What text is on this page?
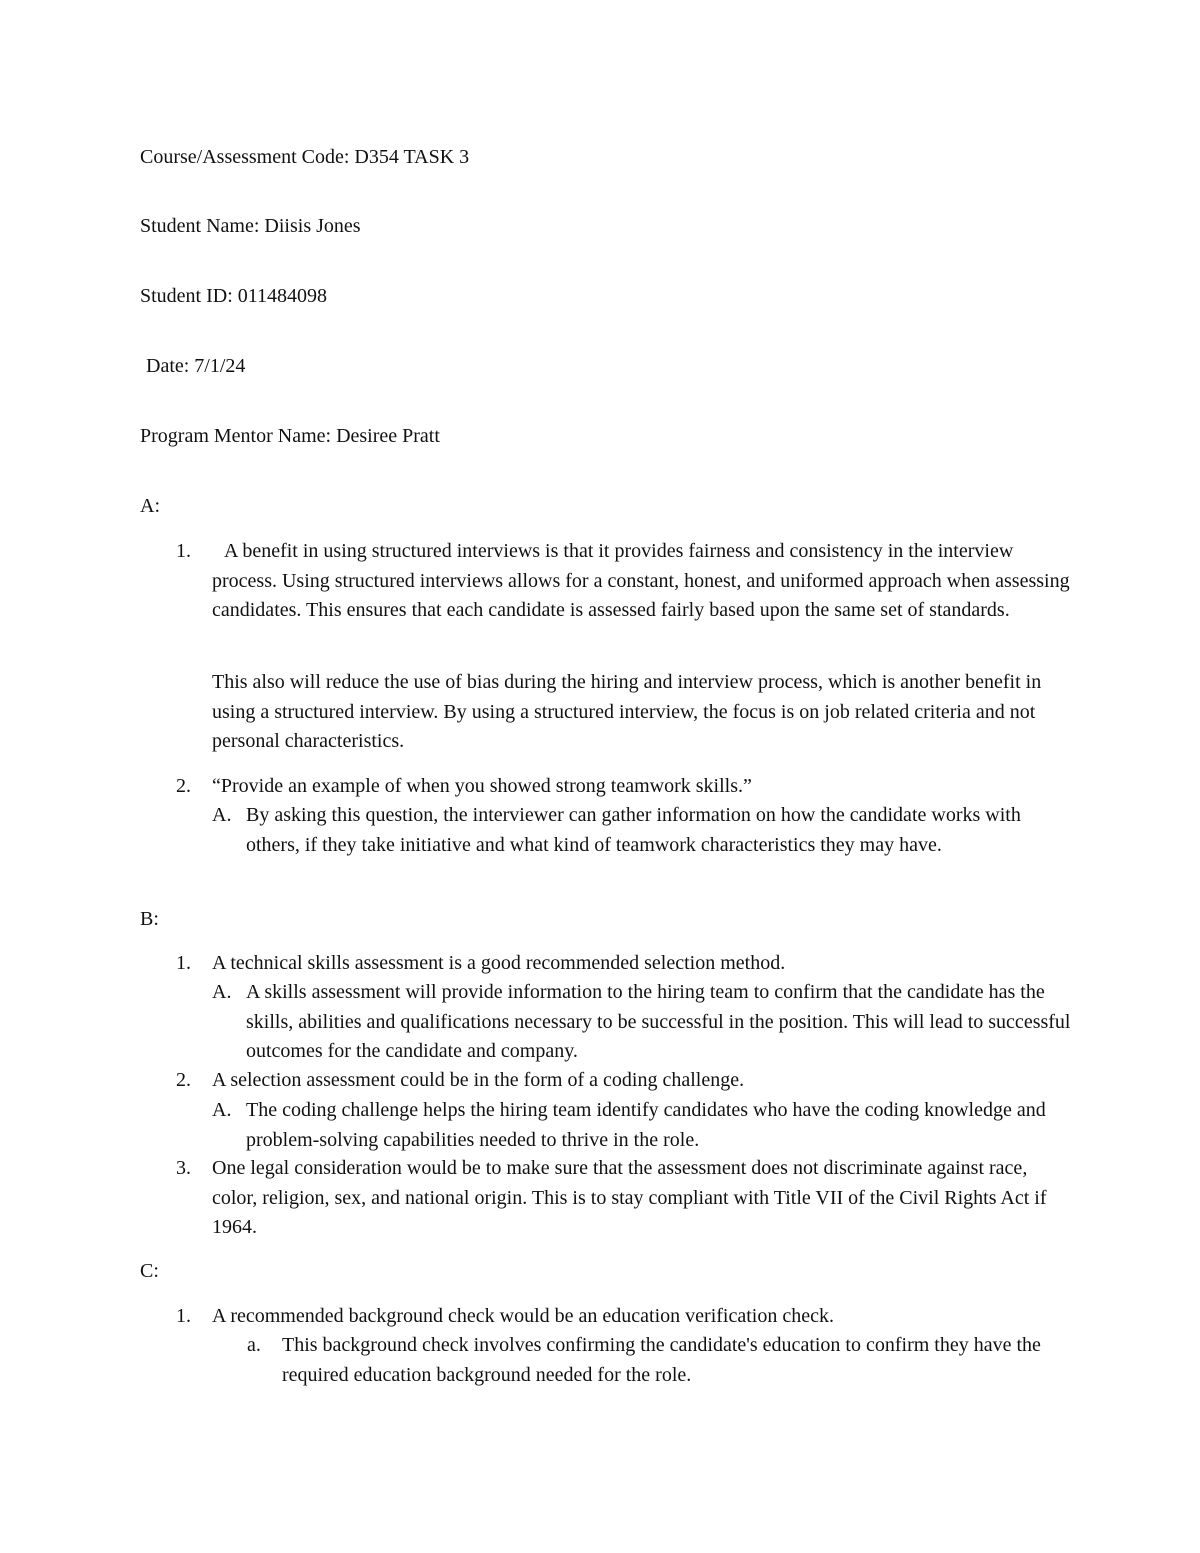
Course/Assessment Code: D354 TASK 3
Student Name: Diisis Jones
Student ID: 011484098
Date: 7/1/24
Program Mentor Name: Desiree Pratt
A:
1.	A benefit in using structured interviews is that it provides fairness and consistency in the interview process. Using structured interviews allows for a constant, honest, and uniformed approach when assessing candidates. This ensures that each candidate is assessed fairly based upon the same set of standards.
This also will reduce the use of bias during the hiring and interview process, which is another benefit in using a structured interview. By using a structured interview, the focus is on job related criteria and not personal characteristics.
2. “Provide an example of when you showed strong teamwork skills.”
A. By asking this question, the interviewer can gather information on how the candidate works with others, if they take initiative and what kind of teamwork characteristics they may have.
B:
1. A technical skills assessment is a good recommended selection method.
A. A skills assessment will provide information to the hiring team to confirm that the candidate has the skills, abilities and qualifications necessary to be successful in the position. This will lead to successful outcomes for the candidate and company.
2. A selection assessment could be in the form of a coding challenge.
A. The coding challenge helps the hiring team identify candidates who have the coding knowledge and problem-solving capabilities needed to thrive in the role.
3. One legal consideration would be to make sure that the assessment does not discriminate against race, color, religion, sex, and national origin. This is to stay compliant with Title VII of the Civil Rights Act if 1964.
C:
1. A recommended background check would be an education verification check.
a. This background check involves confirming the candidate's education to confirm they have the required education background needed for the role.
